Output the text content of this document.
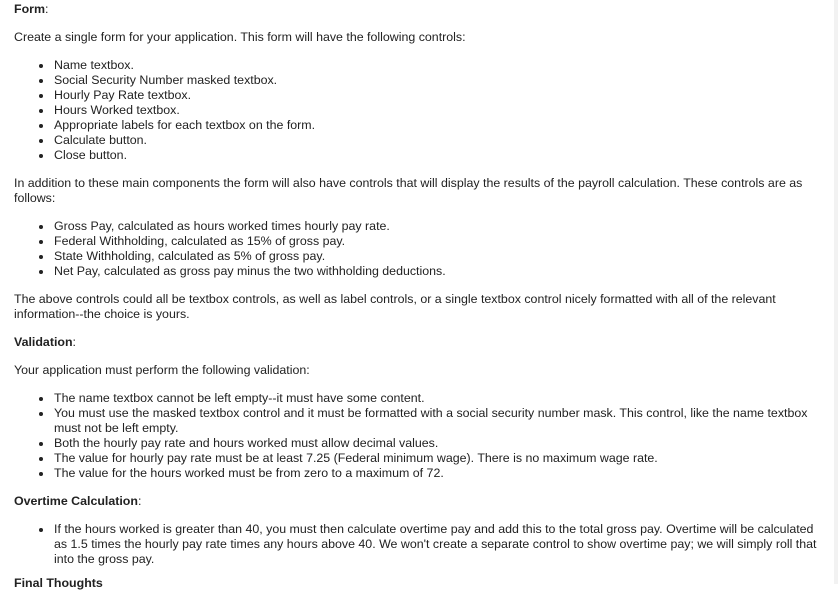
Form:
Create a single form for your application. This form will have the following controls:
Name textbox.
Social Security Number masked textbox.
Hourly Pay Rate textbox.
Hours Worked textbox.
Appropriate labels for each textbox on the form.
Calculate button.
Close button.
In addition to these main components the form will also have controls that will display the results of the payroll calculation. These controls are as follows:
Gross Pay, calculated as hours worked times hourly pay rate.
Federal Withholding, calculated as 15% of gross pay.
State Withholding, calculated as 5% of gross pay.
Net Pay, calculated as gross pay minus the two withholding deductions.
The above controls could all be textbox controls, as well as label controls, or a single textbox control nicely formatted with all of the relevant information--the choice is yours.
Validation:
Your application must perform the following validation:
The name textbox cannot be left empty--it must have some content.
You must use the masked textbox control and it must be formatted with a social security number mask. This control, like the name textbox must not be left empty.
Both the hourly pay rate and hours worked must allow decimal values.
The value for hourly pay rate must be at least 7.25 (Federal minimum wage). There is no maximum wage rate.
The value for the hours worked must be from zero to a maximum of 72.
Overtime Calculation:
If the hours worked is greater than 40, you must then calculate overtime pay and add this to the total gross pay. Overtime will be calculated as 1.5 times the hourly pay rate times any hours above 40. We won't create a separate control to show overtime pay; we will simply roll that into the gross pay.
Final Thoughts
